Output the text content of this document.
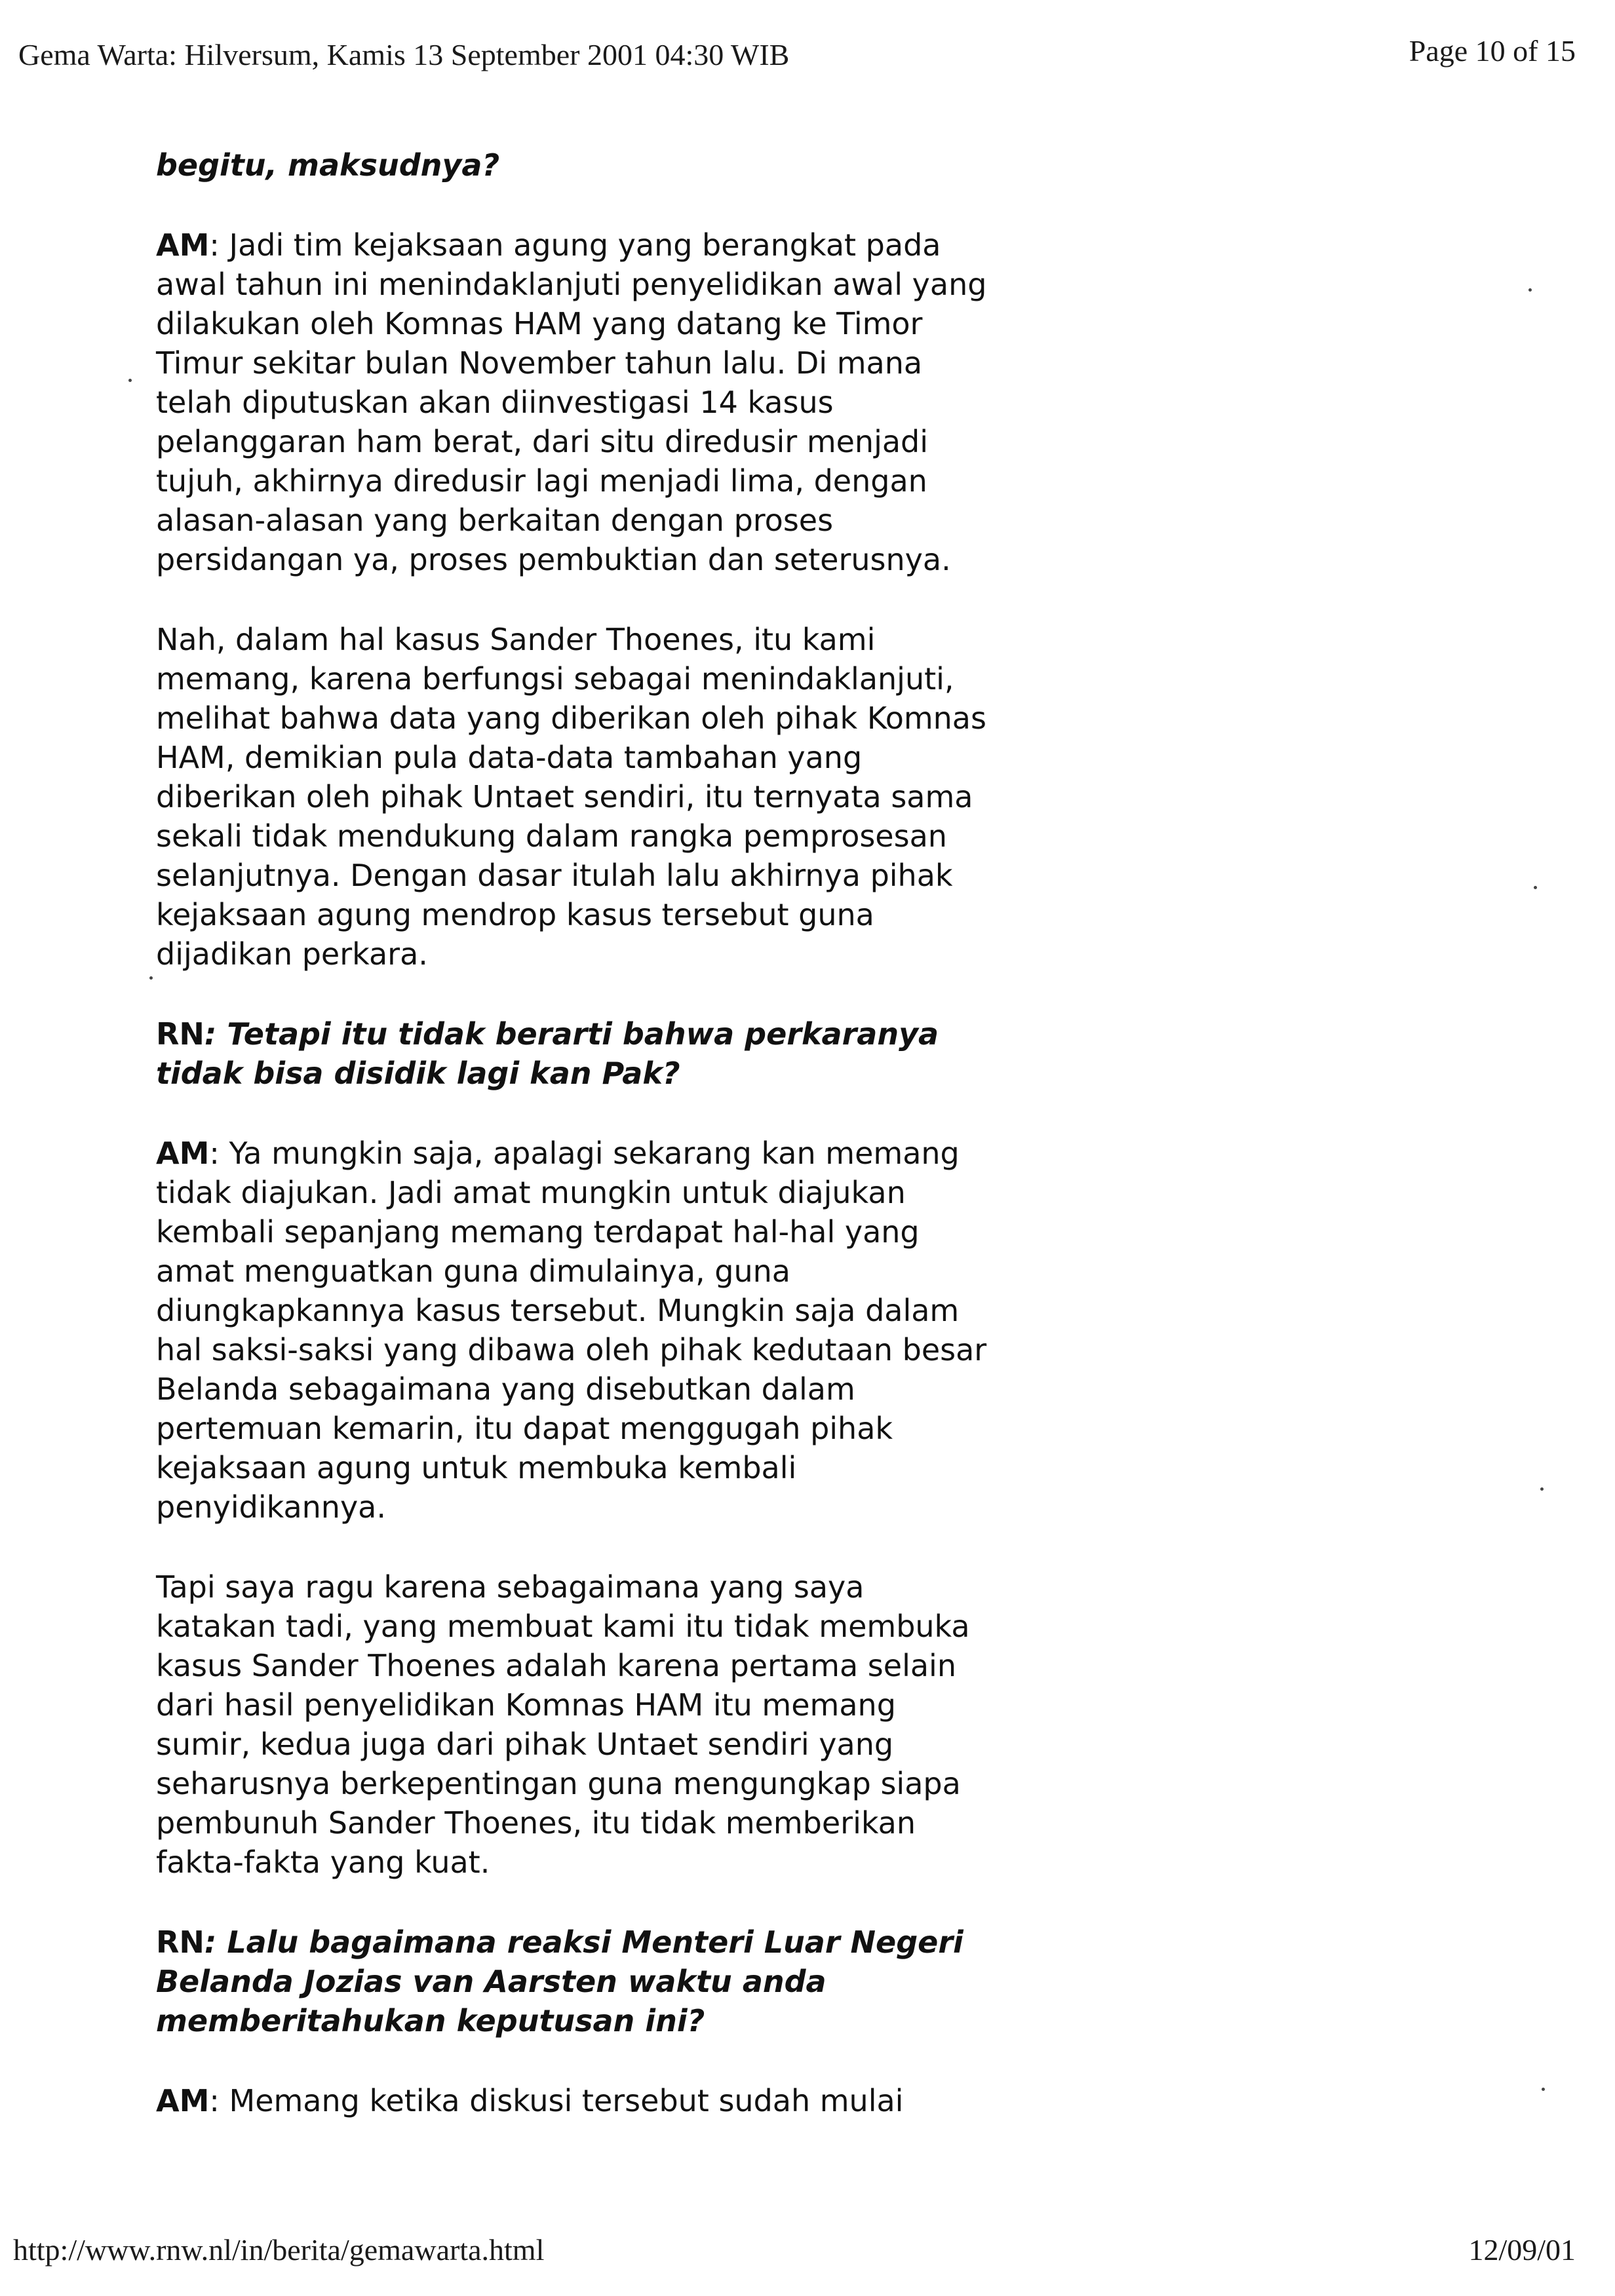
Gema Warta: Hilversum, Kamis 13 September 2001 04:30 WIB	Page 10 of 15
begitu, maksudnya?
AM: Jadi tim kejaksaan agung yang berangkat pada
awal tahun ini menindaklanjuti penyelidikan awal yang
dilakukan oleh Komnas HAM yang datang ke Timor
Timur sekitar bulan November tahun lalu. Di mana
telah diputuskan akan diinvestigasi 14 kasus
pelanggaran ham berat, dari situ diredusir menjadi
tujuh, akhirnya diredusir lagi menjadi lima, dengan
alasan-alasan yang berkaitan dengan proses
persidangan ya, proses pembuktian dan seterusnya.
Nah, dalam hal kasus Sander Thoenes, itu kami
memang, karena berfungsi sebagai menindaklanjuti,
melihat bahwa data yang diberikan oleh pihak Komnas
HAM, demikian pula data-data tambahan yang
diberikan oleh pihak Untaet sendiri, itu ternyata sama
sekali tidak mendukung dalam rangka pemprosesan
selanjutnya. Dengan dasar itulah lalu akhirnya pihak
kejaksaan agung mendrop kasus tersebut guna
dijadikan perkara.
RN: Tetapi itu tidak berarti bahwa perkaranya
tidak bisa disidik lagi kan Pak?
AM: Ya mungkin saja, apalagi sekarang kan memang
tidak diajukan. Jadi amat mungkin untuk diajukan
kembali sepanjang memang terdapat hal-hal yang
amat menguatkan guna dimulainya, guna
diungkapkannya kasus tersebut. Mungkin saja dalam
hal saksi-saksi yang dibawa oleh pihak kedutaan besar
Belanda sebagaimana yang disebutkan dalam
pertemuan kemarin, itu dapat menggugah pihak
kejaksaan agung untuk membuka kembali
penyidikannya.
Tapi saya ragu karena sebagaimana yang saya
katakan tadi, yang membuat kami itu tidak membuka
kasus Sander Thoenes adalah karena pertama selain
dari hasil penyelidikan Komnas HAM itu memang
sumir, kedua juga dari pihak Untaet sendiri yang
seharusnya berkepentingan guna mengungkap siapa
pembunuh Sander Thoenes, itu tidak memberikan
fakta-fakta yang kuat.
RN: Lalu bagaimana reaksi Menteri Luar Negeri
Belanda Jozias van Aarsten waktu anda
memberitahukan keputusan ini?
AM: Memang ketika diskusi tersebut sudah mulai
http://www.rnw.nl/in/berita/gemawarta.html	12/09/01
